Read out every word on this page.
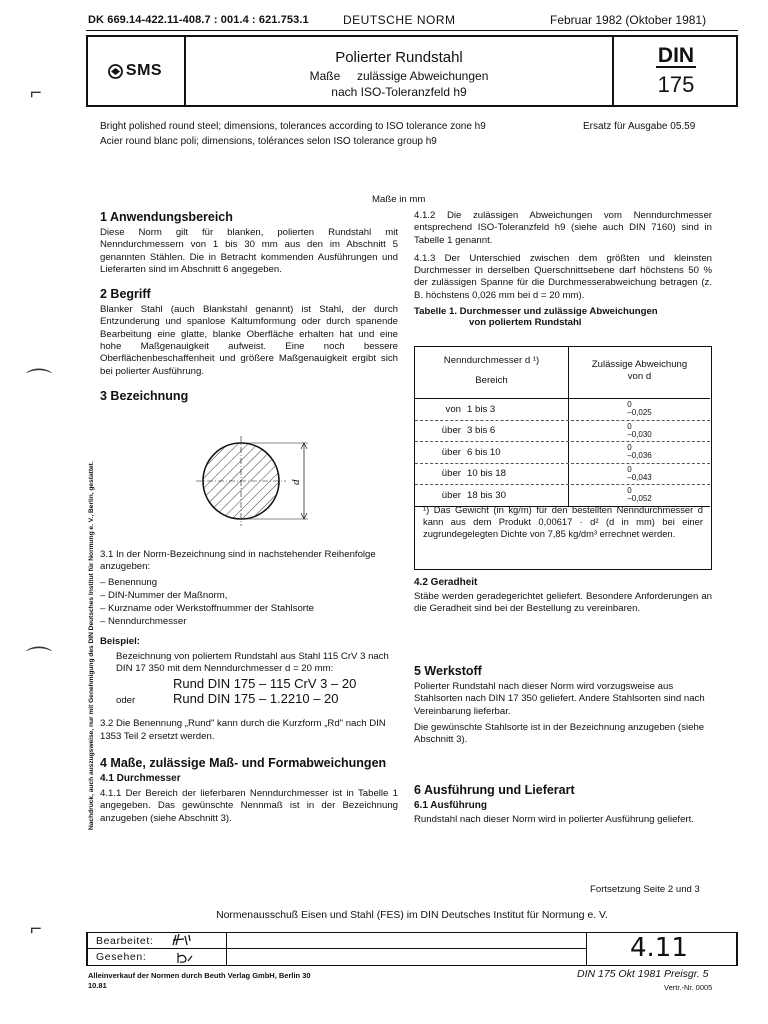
DK 669.14-422.11-408.7 : 001.4 : 621.753.1	DEUTSCHE NORM	Februar 1982 (Oktober 1981)
SMS
Polierter Rundstahl
Maße     zulässige Abweichungen
nach ISO-Toleranzfeld h9
DIN
175
Bright polished round steel; dimensions, tolerances according to ISO tolerance zone h9
Acier round blanc poli; dimensions, tolérances selon ISO tolerance group h9
Ersatz für Ausgabe 05.59
Maße in mm
1 Anwendungsbereich

Diese Norm gilt für blanken, polierten Rundstahl mit Nenndurchmessern von 1 bis 30 mm aus den im Abschnitt 5 genannten Stählen. Die in Betracht kommenden Ausführungen und Lieferarten sind im Abschnitt 6 angegeben.

2 Begriff

Blanker Stahl (auch Blankstahl genannt) ist Stahl, der durch Entzunderung und spanlose Kaltumformung oder durch spanende Bearbeitung eine glatte, blanke Oberfläche erhalten hat und eine hohe Maßgenauigkeit aufweist. Eine noch bessere Oberflächenbeschaffenheit und größere Maßgenauigkeit ergibt sich bei polierter Ausführung.

3 Bezeichnung
d

3.1 In der Norm-Bezeichnung sind in nachstehender Reihenfolge anzugeben:

– Benennung
– DIN-Nummer der Maßnorm,
– Kurzname oder Werkstoffnummer der Stahlsorte
– Nenndurchmesser
Beispiel:

Bezeichnung von poliertem Rundstahl aus Stahl 115 CrV 3 nach DIN 17 350 mit dem Nenndurchmesser d = 20 mm:

Rund DIN 175 – 115 CrV 3 – 20
oder	Rund DIN 175 – 1.2210 – 20

3.2 Die Benennung „Rund" kann durch die Kurzform „Rd" nach DIN 1353 Teil 2 ersetzt werden.

4 Maße, zulässige Maß- und Formabweichungen
4.1 Durchmesser

4.1.1 Der Bereich der lieferbaren Nenndurchmesser ist in Tabelle 1 angegeben. Das gewünschte Nennmaß ist in der Bezeichnung anzugeben (siehe Abschnitt 3).

4.1.2 Die zulässigen Abweichungen vom Nenndurchmesser entsprechend ISO-Toleranzfeld h9 (siehe auch DIN 7160) sind in Tabelle 1 genannt.

4.1.3 Der Unterschied zwischen dem größten und kleinsten Durchmesser in derselben Querschnittsebene darf höchstens 50 % der zulässigen Spanne für die Durchmesserabweichung betragen (z. B. höchstens 0,026 mm bei d = 20 mm).

Tabelle 1. Durchmesser und zulässige Abweichungen
von poliertem Rundstahl
Nenndurchmesser d ¹)
Bereich
Zulässige Abweichung
von d
von 1 bis 3	0
–0,025
über 3 bis 6	0
–0,030
über 6 bis 10	0
–0,036
über 10 bis 18	0
–0,043
über 18 bis 30	0
–0,052
¹) Das Gewicht (in kg/m) für den bestellten Nenndurchmesser d kann aus dem Produkt 0,00617 · d² (d in mm) bei einer zugrundegelegten Dichte von 7,85 kg/dm³ errechnet werden.
4.2 Geradheit

Stäbe werden geradegerichtet geliefert. Besondere Anforderungen an die Geradheit sind bei der Bestellung zu vereinbaren.

5 Werkstoff

Polierter Rundstahl nach dieser Norm wird vorzugsweise aus Stahlsorten nach DIN 17 350 geliefert. Andere Stahlsorten sind nach Vereinbarung lieferbar.

Die gewünschte Stahlsorte ist in der Bezeichnung anzugeben (siehe Abschnitt 3).

6 Ausführung und Lieferart
6.1 Ausführung

Rundstahl nach dieser Norm wird in polierter Ausführung geliefert.

Fortsetzung Seite 2 und 3
Normenausschuß Eisen und Stahl (FES) im DIN Deutsches Institut für Normung e. V.
Bearbeitet:
Gesehen:	4.11
Alleinverkauf der Normen durch Beuth Verlag GmbH, Berlin 30
10.81
DIN 175 Okt 1981 Preisgr. 5
Vertr.-Nr. 0005
Nachdruck, auch auszugsweise, nur mit Genehmigung des DIN Deutsches Institut für Normung e. V., Berlin, gestattet.
⌐
⌒
⌒
⌐
